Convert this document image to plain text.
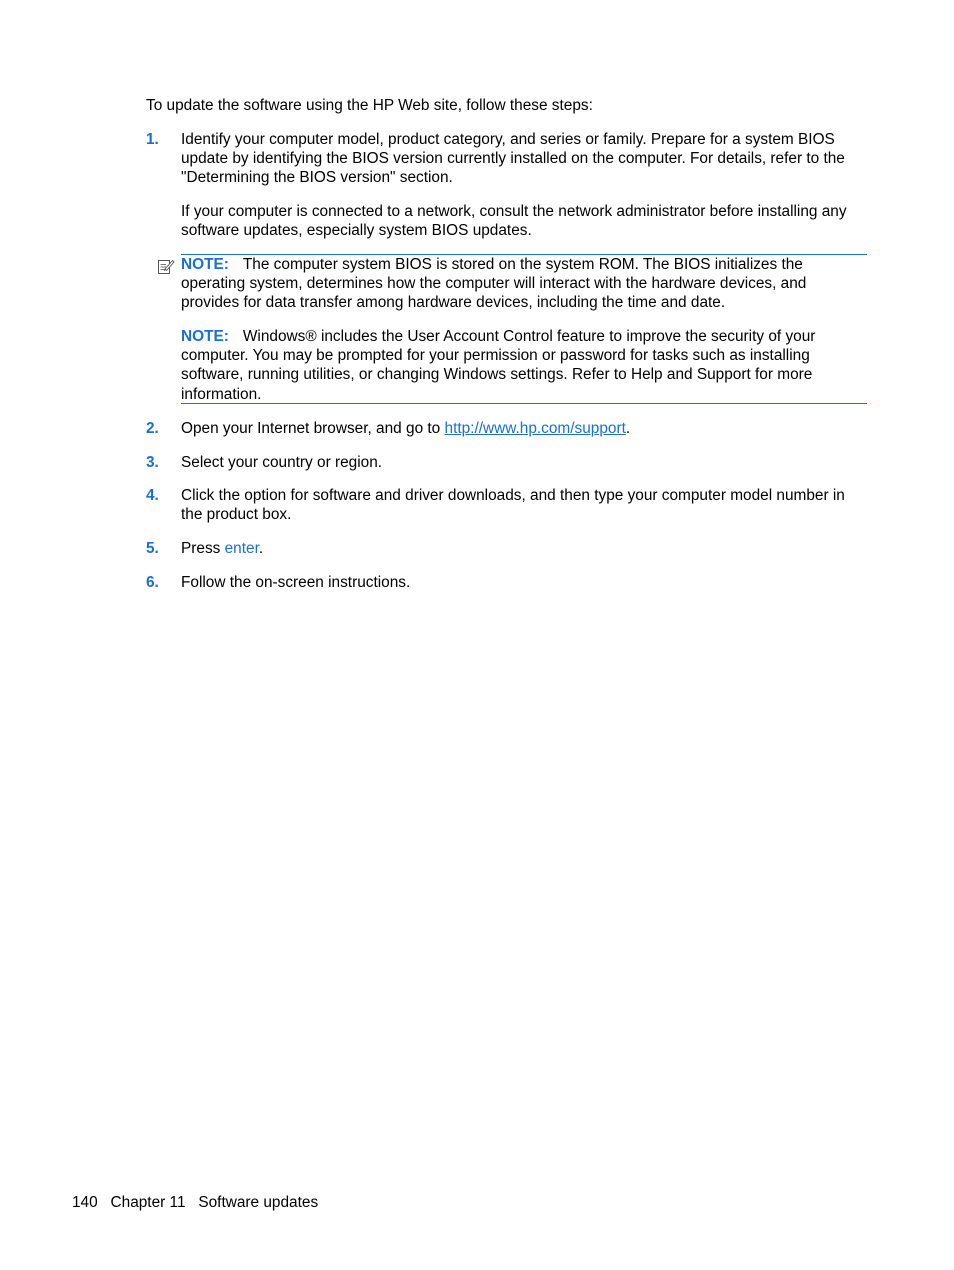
To update the software using the HP Web site, follow these steps:

1. Identify your computer model, product category, and series or family. Prepare for a system BIOS update by identifying the BIOS version currently installed on the computer. For details, refer to the "Determining the BIOS version" section.

If your computer is connected to a network, consult the network administrator before installing any software updates, especially system BIOS updates.

NOTE: The computer system BIOS is stored on the system ROM. The BIOS initializes the operating system, determines how the computer will interact with the hardware devices, and provides for data transfer among hardware devices, including the time and date.

NOTE: Windows® includes the User Account Control feature to improve the security of your computer. You may be prompted for your permission or password for tasks such as installing software, running utilities, or changing Windows settings. Refer to Help and Support for more information.

2. Open your Internet browser, and go to http://www.hp.com/support.
3. Select your country or region.
4. Click the option for software and driver downloads, and then type your computer model number in the product box.
5. Press enter.
6. Follow the on-screen instructions.
140 Chapter 11 Software updates
